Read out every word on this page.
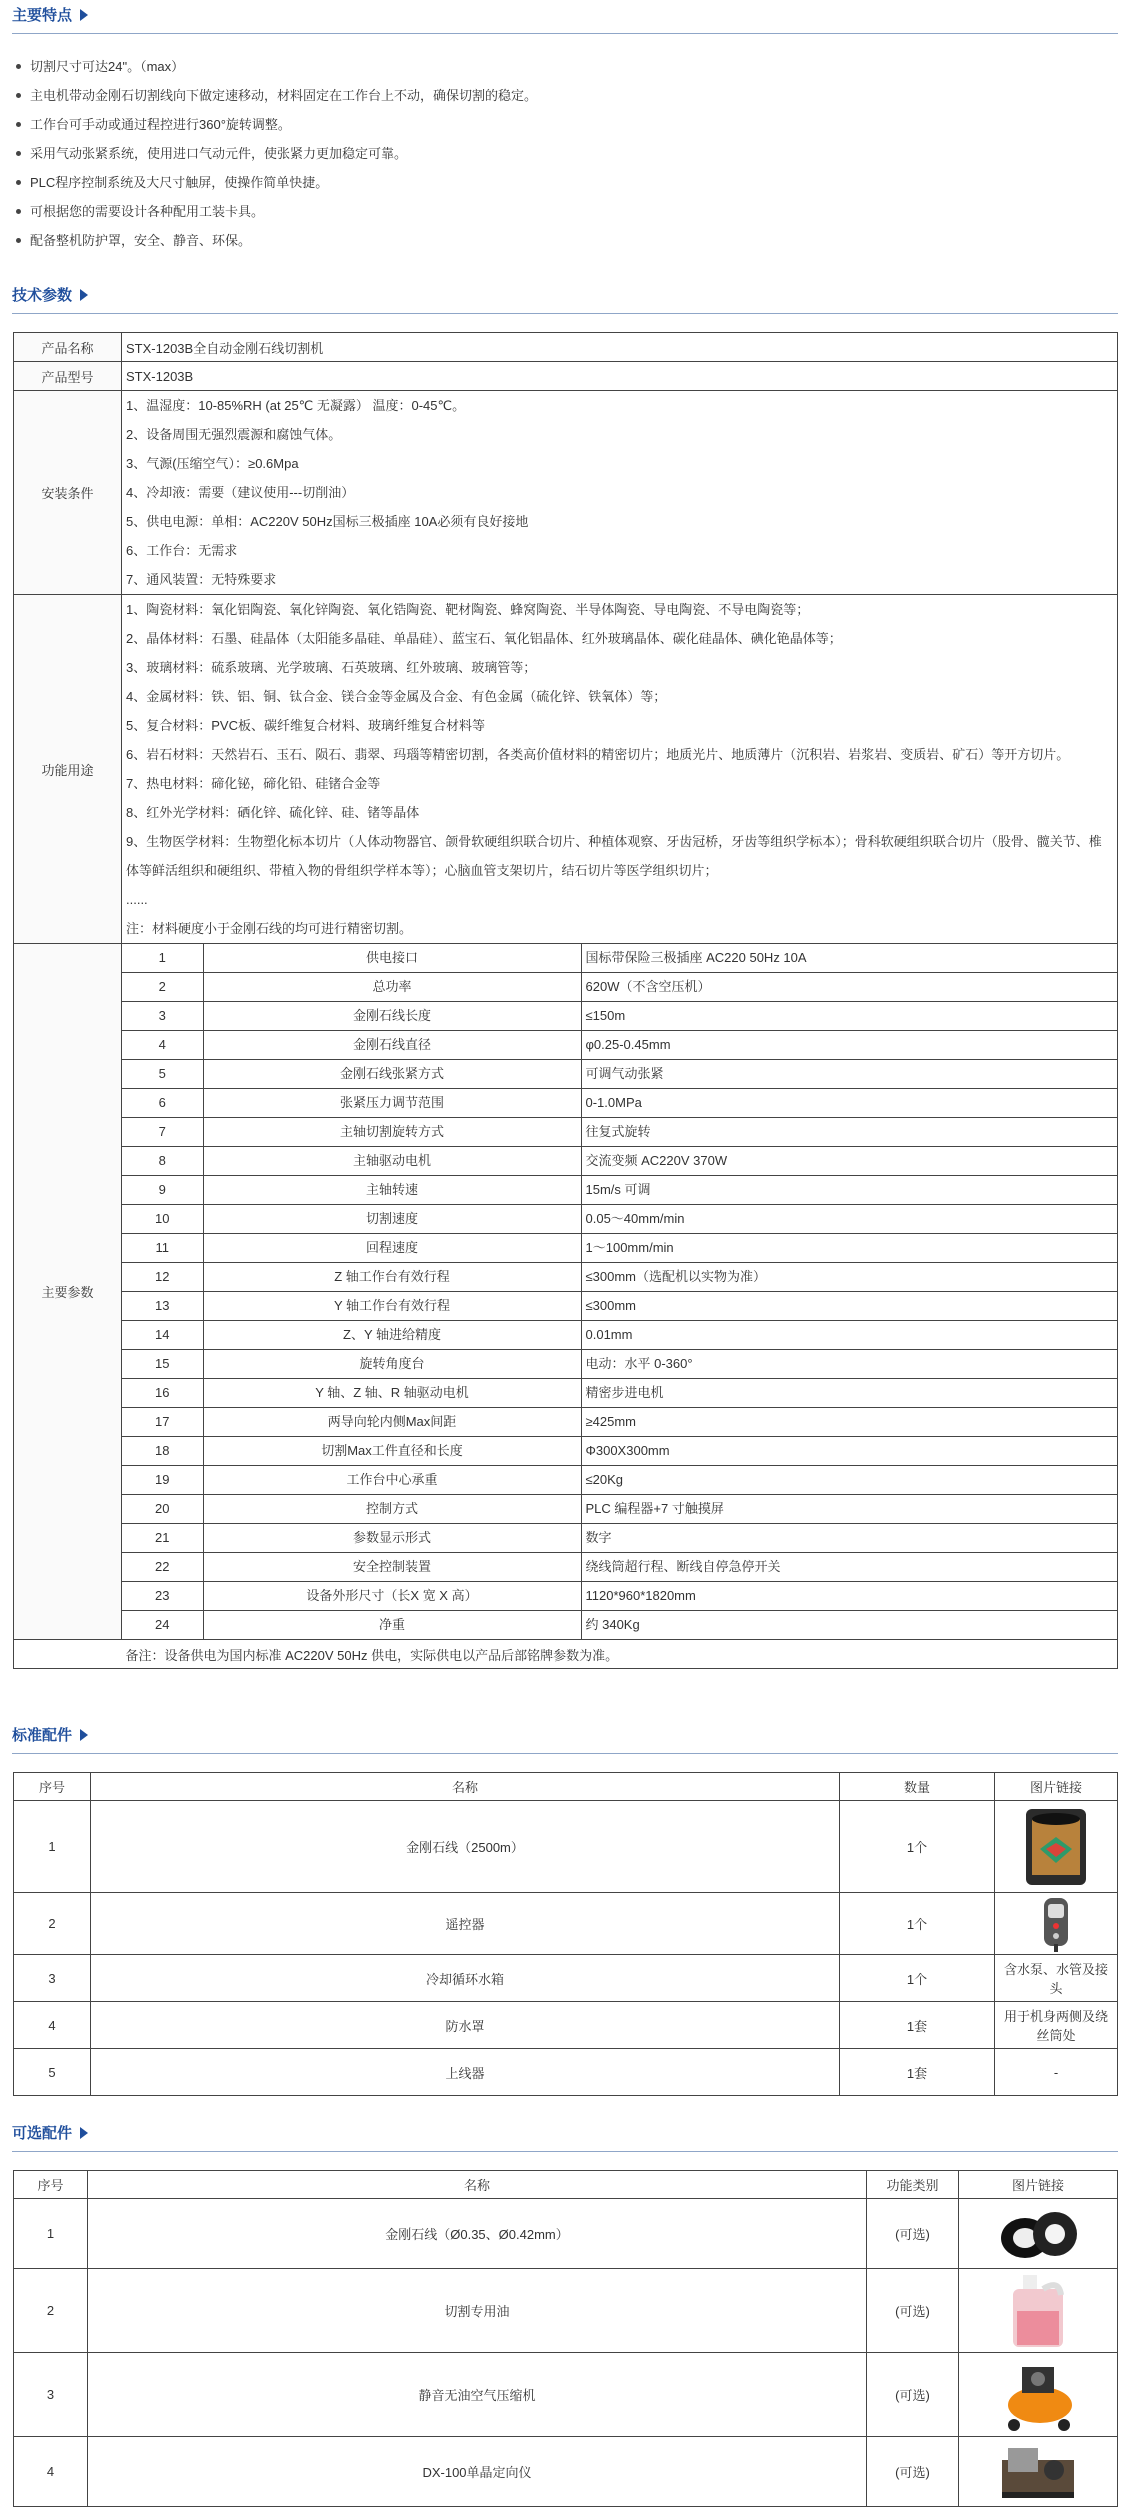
主要特点
切割尺寸可达24"。（max）
主电机带动金刚石切割线向下做定速移动，材料固定在工作台上不动，确保切割的稳定。
工作台可手动或通过程控进行360°旋转调整。
采用气动张紧系统，使用进口气动元件，使张紧力更加稳定可靠。
PLC程序控制系统及大尺寸触屏，使操作简单快捷。
可根据您的需要设计各种配用工装卡具。
配备整机防护罩，安全、静音、环保。
技术参数
产品名称	STX-1203B全自动金刚石线切割机
产品型号	STX-1203B
安装条件	
1、温湿度：10-85%RH (at 25℃ 无凝露） 温度：0-45℃。
2、设备周围无强烈震源和腐蚀气体。
3、气源(压缩空气）：≥0.6Mpa
4、冷却液：需要（建议使用---切削油）
5、供电电源：单相：AC220V 50Hz国标三极插座 10A必须有良好接地
6、工作台：无需求
7、通风装置：无特殊要求

功能用途	
1、陶瓷材料：氧化铝陶瓷、氧化锌陶瓷、氧化锆陶瓷、靶材陶瓷、蜂窝陶瓷、半导体陶瓷、导电陶瓷、不导电陶瓷等；
2、晶体材料：石墨、硅晶体（太阳能多晶硅、单晶硅）、蓝宝石、氧化铝晶体、红外玻璃晶体、碳化硅晶体、碘化铯晶体等；
3、玻璃材料：硫系玻璃、光学玻璃、石英玻璃、红外玻璃、玻璃管等；
4、金属材料：铁、铝、铜、钛合金、镁合金等金属及合金、有色金属（硫化锌、铁氧体）等；
5、复合材料：PVC板、碳纤维复合材料、玻璃纤维复合材料等
6、岩石材料：天然岩石、玉石、陨石、翡翠、玛瑙等精密切割，各类高价值材料的精密切片；地质光片、地质薄片（沉积岩、岩浆岩、变质岩、矿石）等开方切片。
7、热电材料：碲化铋，碲化铅、硅锗合金等
8、红外光学材料：硒化锌、硫化锌、硅、锗等晶体
9、生物医学材料：生物塑化标本切片（人体动物器官、颌骨软硬组织联合切片、种植体观察、牙齿冠桥，牙齿等组织学标本）；骨科软硬组织联合切片（股骨、髋关节、椎体等鲜活组织和硬组织、带植入物的骨组织学样本等）；心脑血管支架切片，结石切片等医学组织切片；
......
注：材料硬度小于金刚石线的均可进行精密切割。

主要参数	
1	供电接口	国标带保险三极插座 AC220 50Hz 10A
2	总功率	620W（不含空压机）
3	金刚石线长度	≤150m
4	金刚石线直径	φ0.25-0.45mm
5	金刚石线张紧方式	可调气动张紧
6	张紧压力调节范围	0-1.0MPa
7	主轴切割旋转方式	往复式旋转
8	主轴驱动电机	交流变频 AC220V 370W
9	主轴转速	15m/s 可调
10	切割速度	0.05～40mm/min
11	回程速度	1～100mm/min
12	Z 轴工作台有效行程	≤300mm（选配机以实物为准）
13	Y 轴工作台有效行程	≤300mm
14	Z、Y 轴进给精度	0.01mm
15	旋转角度台	电动：水平 0-360°
16	Y 轴、Z 轴、R 轴驱动电机	精密步进电机
17	两导向轮内侧Max间距	≥425mm
18	切割Max工件直径和长度	Φ300X300mm
19	工作台中心承重	≤20Kg
20	控制方式	PLC 编程器+7 寸触摸屏
21	参数显示形式	数字
22	安全控制装置	绕线筒超行程、断线自停急停开关
23	设备外形尺寸（长X 宽 X 高）	1120*960*1820mm
24	净重	约 340Kg

	备注：设备供电为国内标准 AC220V 50Hz 供电，实际供电以产品后部铭牌参数为准。
标准配件
序号	名称	数量	图片链接
1	金刚石线（2500m）	1个	
2	遥控器	1个	
3	冷却循环水箱	1个	含水泵、水管及接头
4	防水罩	1套	用于机身两侧及绕丝筒处
5	上线器	1套	-
可选配件
序号	名称	功能类别	图片链接
1	金刚石线（Ø0.35、Ø0.42mm）	(可选)	
2	切割专用油	(可选)	
3	静音无油空气压缩机	(可选)	
4	DX-100单晶定向仪	(可选)	
